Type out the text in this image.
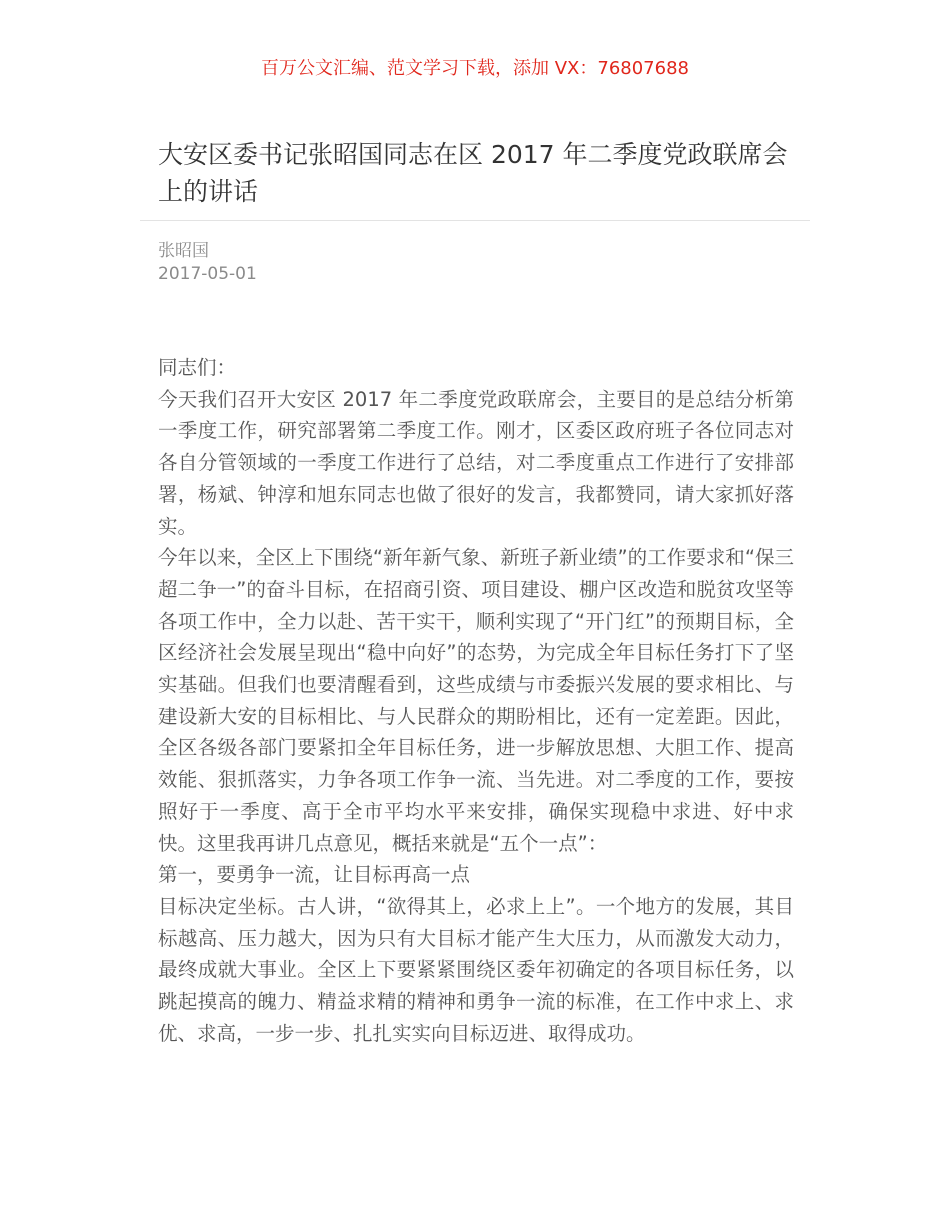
百万公文汇编、范文学习下载，添加 VX：76807688
大安区委书记张昭国同志在区 2017 年二季度党政联席会上的讲话
张昭国
2017-05-01

同志们：

今天我们召开大安区 2017 年二季度党政联席会，主要目的是总结分析第一季度工作，研究部署第二季度工作。刚才，区委区政府班子各位同志对各自分管领域的一季度工作进行了总结，对二季度重点工作进行了安排部署，杨斌、钟淳和旭东同志也做了很好的发言，我都赞同，请大家抓好落实。

今年以来，全区上下围绕“新年新气象、新班子新业绩”的工作要求和“保三超二争一”的奋斗目标，在招商引资、项目建设、棚户区改造和脱贫攻坚等各项工作中，全力以赴、苦干实干，顺利实现了“开门红”的预期目标，全区经济社会发展呈现出“稳中向好”的态势，为完成全年目标任务打下了坚实基础。但我们也要清醒看到，这些成绩与市委振兴发展的要求相比、与建设新大安的目标相比、与人民群众的期盼相比，还有一定差距。因此，全区各级各部门要紧扣全年目标任务，进一步解放思想、大胆工作、提高效能、狠抓落实，力争各项工作争一流、当先进。对二季度的工作，要按照好于一季度、高于全市平均水平来安排，确保实现稳中求进、好中求快。这里我再讲几点意见，概括来就是“五个一点”：

第一，要勇争一流，让目标再高一点

目标决定坐标。古人讲，“欲得其上，必求上上”。一个地方的发展，其目标越高、压力越大，因为只有大目标才能产生大压力，从而激发大动力，最终成就大事业。全区上下要紧紧围绕区委年初确定的各项目标任务，以跳起摸高的魄力、精益求精的精神和勇争一流的标准，在工作中求上、求优、求高，一步一步、扎扎实实向目标迈进、取得成功。
